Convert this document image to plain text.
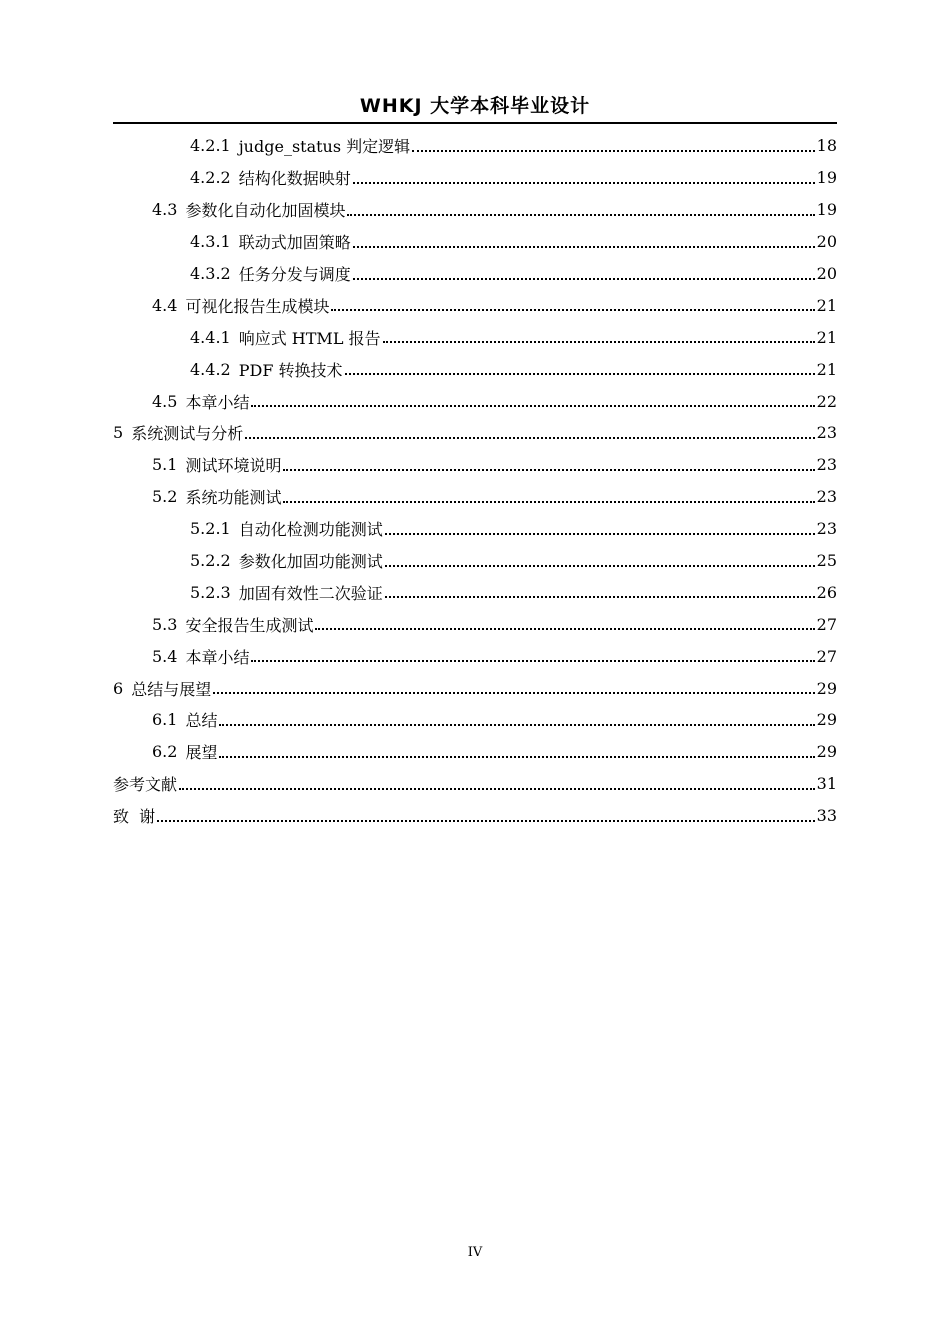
WHKJ 大学本科毕业设计
4.2.1 judge_status 判定逻辑	18
4.2.2 结构化数据映射	19
4.3 参数化自动化加固模块	19
4.3.1 联动式加固策略	20
4.3.2 任务分发与调度	20
4.4 可视化报告生成模块	21
4.4.1 响应式 HTML 报告	21
4.4.2 PDF 转换技术	21
4.5 本章小结	22
5 系统测试与分析	23
5.1 测试环境说明	23
5.2 系统功能测试	23
5.2.1 自动化检测功能测试	23
5.2.2 参数化加固功能测试	25
5.2.3 加固有效性二次验证	26
5.3 安全报告生成测试	27
5.4 本章小结	27
6 总结与展望	29
6.1 总结	29
6.2 展望	29
参考文献	31
致  谢	33
IV
